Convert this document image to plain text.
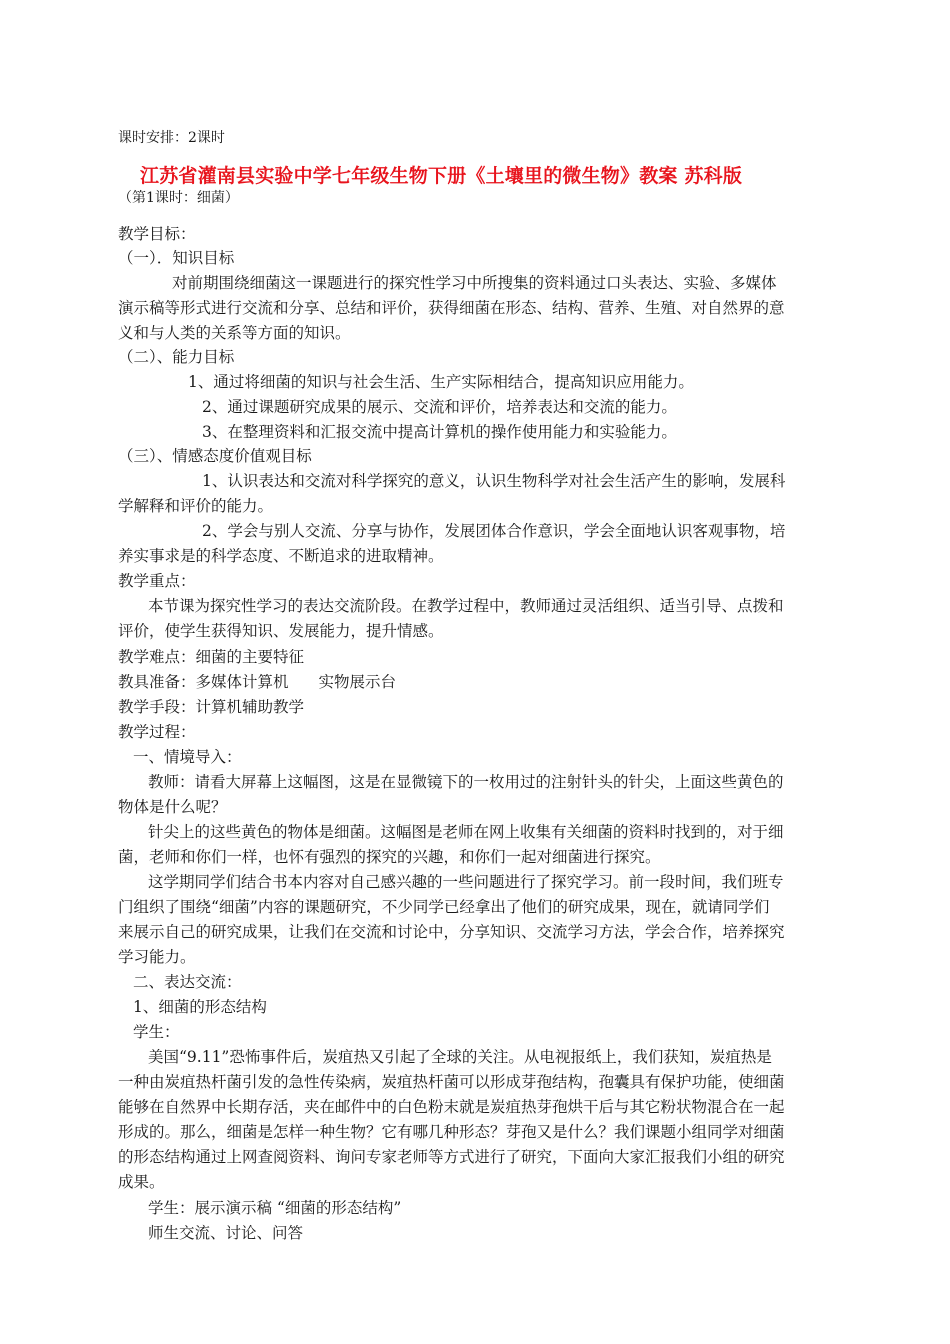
课时安排：2课时
江苏省灌南县实验中学七年级生物下册《土壤里的微生物》教案 苏科版
（第1课时：细菌）
教学目标：
（一）．知识目标
对前期围绕细菌这一课题进行的探究性学习中所搜集的资料通过口头表达、实验、多媒体
演示稿等形式进行交流和分享、总结和评价，获得细菌在形态、结构、营养、生殖、对自然界的意
义和与人类的关系等方面的知识。
（二）、能力目标
1、通过将细菌的知识与社会生活、生产实际相结合，提高知识应用能力。
2、通过课题研究成果的展示、交流和评价，培养表达和交流的能力。
3、在整理资料和汇报交流中提高计算机的操作使用能力和实验能力。
（三）、情感态度价值观目标
1、认识表达和交流对科学探究的意义，认识生物科学对社会生活产生的影响，发展科
学解释和评价的能力。
2、学会与别人交流、分享与协作，发展团体合作意识，学会全面地认识客观事物，培
养实事求是的科学态度、不断追求的进取精神。
教学重点：
本节课为探究性学习的表达交流阶段。在教学过程中，教师通过灵活组织、适当引导、点拨和
评价，使学生获得知识、发展能力，提升情感。
教学难点：细菌的主要特征
教具准备：多媒体计算机 实物展示台
教学手段：计算机辅助教学
教学过程：
一、情境导入：
教师：请看大屏幕上这幅图，这是在显微镜下的一枚用过的注射针头的针尖，上面这些黄色的
物体是什么呢？
针尖上的这些黄色的物体是细菌。这幅图是老师在网上收集有关细菌的资料时找到的，对于细
菌，老师和你们一样，也怀有强烈的探究的兴趣，和你们一起对细菌进行探究。
这学期同学们结合书本内容对自己感兴趣的一些问题进行了探究学习。前一段时间，我们班专
门组织了围绕“细菌”内容的课题研究，不少同学已经拿出了他们的研究成果，现在，就请同学们
来展示自己的研究成果，让我们在交流和讨论中，分享知识、交流学习方法，学会合作，培养探究
学习能力。
二、表达交流：
1、细菌的形态结构
学生：
美国“9.11”恐怖事件后，炭疽热又引起了全球的关注。从电视报纸上，我们获知，炭疽热是
一种由炭疽热杆菌引发的急性传染病，炭疽热杆菌可以形成芽孢结构，孢囊具有保护功能，使细菌
能够在自然界中长期存活，夹在邮件中的白色粉末就是炭疽热芽孢烘干后与其它粉状物混合在一起
形成的。那么，细菌是怎样一种生物？它有哪几种形态？芽孢又是什么？我们课题小组同学对细菌
的形态结构通过上网查阅资料、询问专家老师等方式进行了研究，下面向大家汇报我们小组的研究
成果。
学生：展示演示稿 “细菌的形态结构”
师生交流、讨论、问答
